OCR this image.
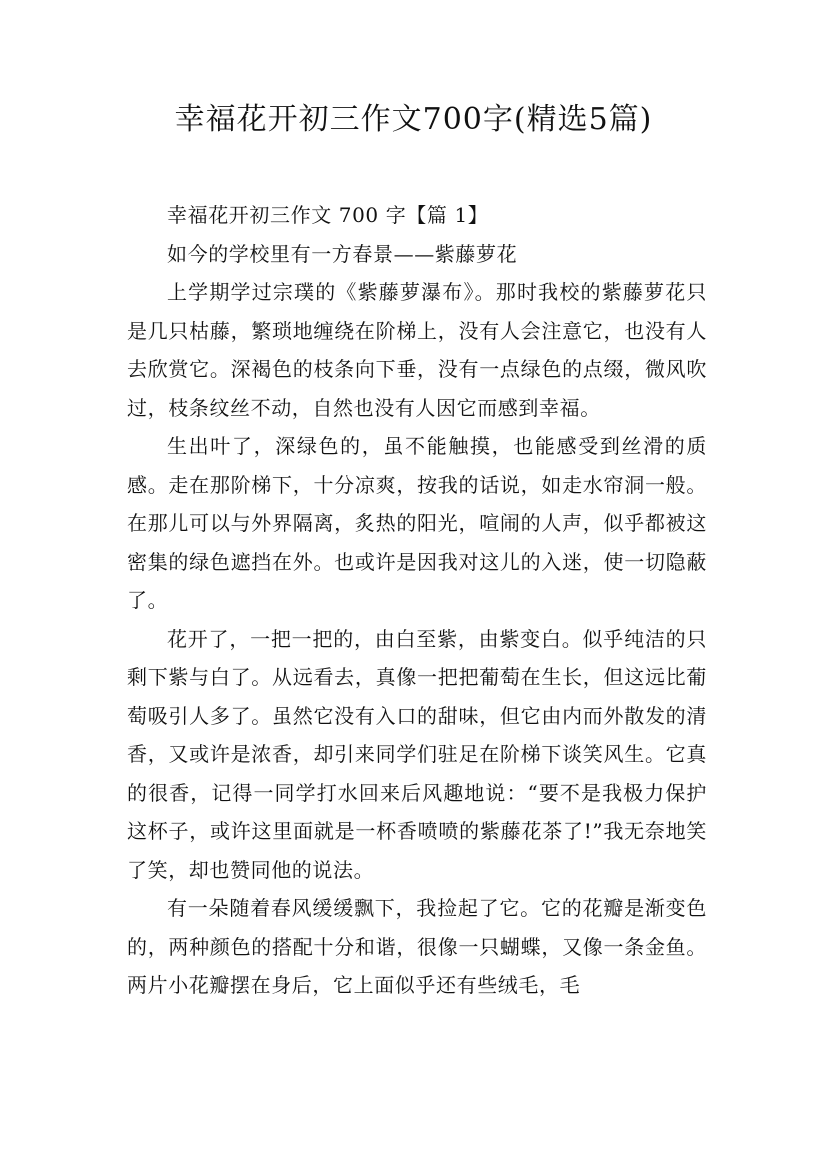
幸福花开初三作文700字(精选5篇)

幸福花开初三作文 700 字【篇 1】

如今的学校里有一方春景——紫藤萝花

上学期学过宗璞的《紫藤萝瀑布》。那时我校的紫藤萝花只是几只枯藤，繁琐地缠绕在阶梯上，没有人会注意它，也没有人去欣赏它。深褐色的枝条向下垂，没有一点绿色的点缀，微风吹过，枝条纹丝不动，自然也没有人因它而感到幸福。

生出叶了，深绿色的，虽不能触摸，也能感受到丝滑的质感。走在那阶梯下，十分凉爽，按我的话说，如走水帘洞一般。在那儿可以与外界隔离，炙热的阳光，喧闹的人声，似乎都被这密集的绿色遮挡在外。也或许是因我对这儿的入迷，使一切隐蔽了。

花开了，一把一把的，由白至紫，由紫变白。似乎纯洁的只剩下紫与白了。从远看去，真像一把把葡萄在生长，但这远比葡萄吸引人多了。虽然它没有入口的甜味，但它由内而外散发的清香，又或许是浓香，却引来同学们驻足在阶梯下谈笑风生。它真的很香，记得一同学打水回来后风趣地说：“要不是我极力保护这杯子，或许这里面就是一杯香喷喷的紫藤花茶了!”我无奈地笑了笑，却也赞同他的说法。

有一朵随着春风缓缓飘下，我捡起了它。它的花瓣是渐变色的，两种颜色的搭配十分和谐，很像一只蝴蝶，又像一条金鱼。两片小花瓣摆在身后，它上面似乎还有些绒毛，毛
